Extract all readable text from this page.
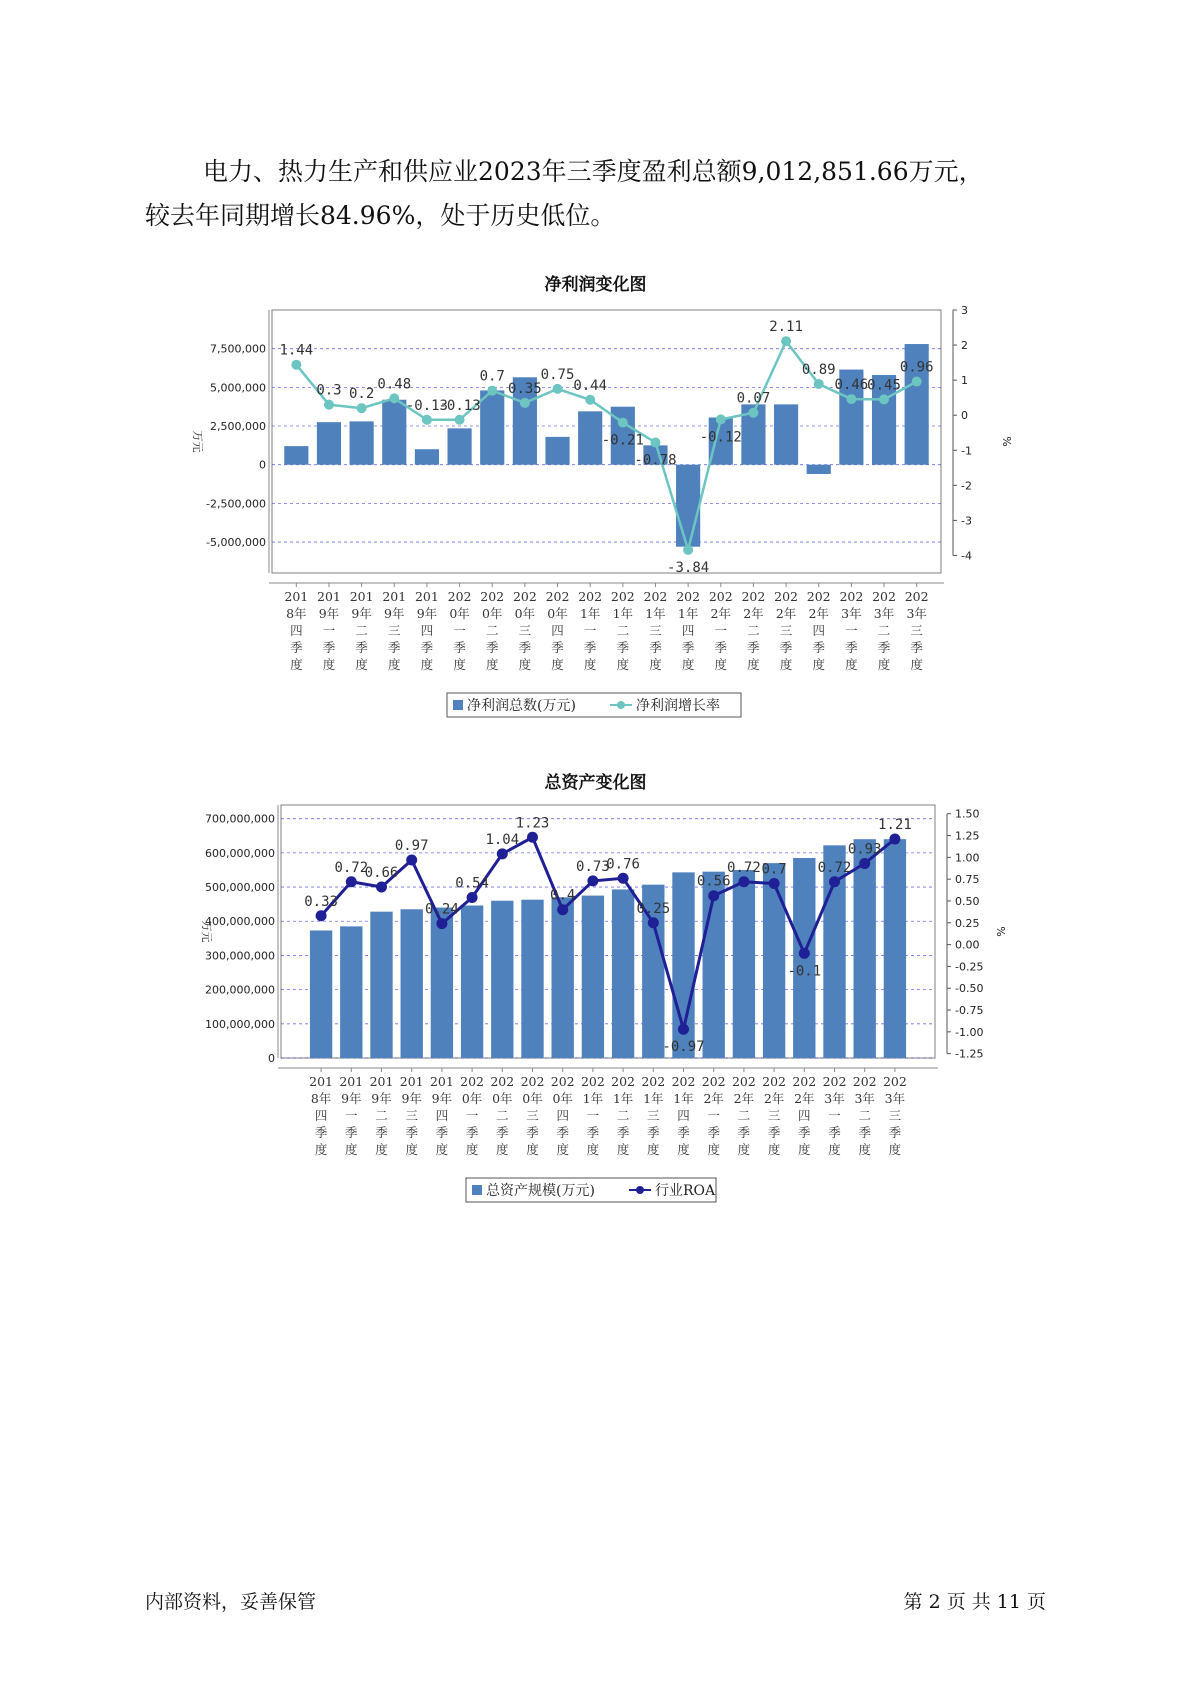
电力、热力生产和供应业2023年三季度盈利总额9,012,851.66万元，

较去年同期增长84.96%，处于历史低位。

净利润变化图
7,500,000
5,000,000
2,500,000
0
-2,500,000
-5,000,000
3
2
1
0
-1
-2
-3
-4
万元	%
1.44
0.3 0.2
0.48
-0.13
-0.13
0.7
0.35
0.75
0.44
-0.21
-0.78
-3.84
-0.12
0.07
2.11
0.89
0.46
0.45
0.96
201 8年四季度
201 9年一季度
201 9年二季度
201 9年三季度
201 9年四季度
202 0年一季度
202 0年二季度
202 0年三季度
202 0年四季度
202 1年一季度
202 1年二季度
202 1年三季度
202 1年四季度
202 2年一季度
202 2年二季度
202 2年三季度
202 2年四季度
202 3年一季度
202 3年二季度
202 3年三季度
净利润总数(万元)	净利润增长率
总资产变化图
700,000,000
600,000,000
500,000,000
400,000,000
300,000,000
200,000,000
100,000,000
0
1.50
1.25
1.00
0.75
0.50
0.25
0.00
-0.25
-0.50
-0.75
-1.00
-1.25
万元	%
0.33
0.72
0.66
0.97
0.24
0.54
1.04
1.23
0.4
0.73
0.76
0.25
-0.97
0.56
0.72 0.7
-0.1
0.72
0.93
1.21
201 8年四季度
201 9年一季度
201 9年二季度
201 9年三季度
201 9年四季度
202 0年一季度
202 0年二季度
202 0年三季度
202 0年四季度
202 1年一季度
202 1年二季度
202 1年三季度
202 1年四季度
202 2年一季度
202 2年二季度
202 2年三季度
202 2年四季度
202 3年一季度
202 3年二季度
202 3年三季度
总资产规模(万元)	行业ROA
内部资料，妥善保管	第 2 页 共 11 页
